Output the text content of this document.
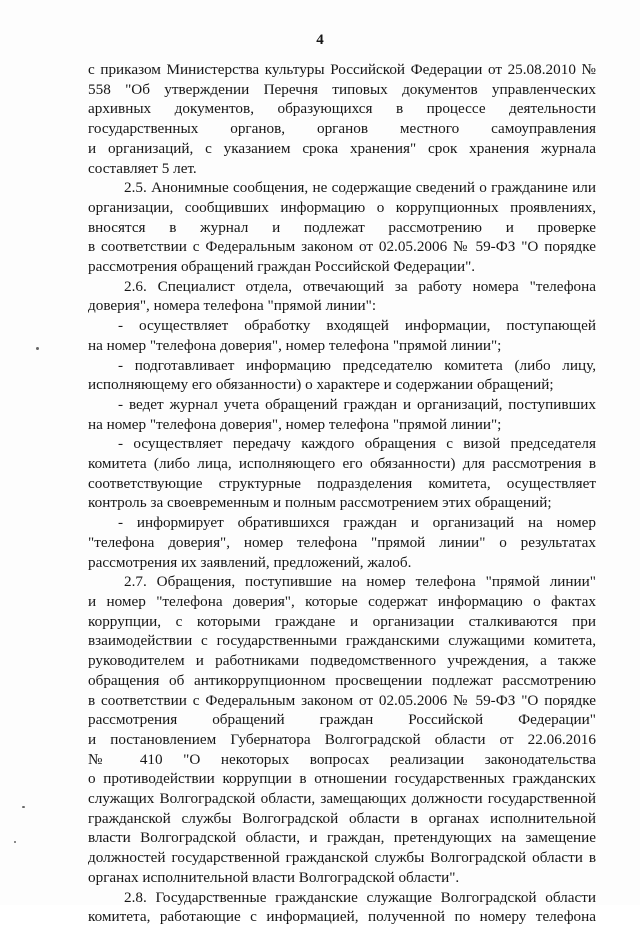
4
с приказом Министерства культуры Российской Федерации от 25.08.2010 №
558 "Об утверждении Перечня типовых документов управленческих
архивных документов, образующихся в процессе деятельности
государственных органов, органов местного самоуправления
и организаций, с указанием срока хранения" срок хранения журнала
составляет 5 лет.
2.5. Анонимные сообщения, не содержащие сведений о гражданине или
организации, сообщивших информацию о коррупционных проявлениях,
вносятся в журнал и подлежат рассмотрению и проверке
в соответствии с Федеральным законом от 02.05.2006 № 59-ФЗ "О порядке
рассмотрения обращений граждан Российской Федерации".
2.6. Специалист отдела, отвечающий за работу номера "телефона
доверия", номера телефона "прямой линии":
- осуществляет обработку входящей информации, поступающей
на номер "телефона доверия", номер телефона "прямой линии";
- подготавливает информацию председателю комитета (либо лицу,
исполняющему его обязанности) о характере и содержании обращений;
- ведет журнал учета обращений граждан и организаций, поступивших
на номер "телефона доверия", номер телефона "прямой линии";
- осуществляет передачу каждого обращения с визой председателя
комитета (либо лица, исполняющего его обязанности) для рассмотрения в
соответствующие структурные подразделения комитета, осуществляет
контроль за своевременным и полным рассмотрением этих обращений;
- информирует обратившихся граждан и организаций на номер
"телефона доверия", номер телефона "прямой линии" о результатах
рассмотрения их заявлений, предложений, жалоб.
2.7. Обращения, поступившие на номер телефона "прямой линии"
и номер "телефона доверия", которые содержат информацию о фактах
коррупции, с которыми граждане и организации сталкиваются при
взаимодействии с государственными гражданскими служащими комитета,
руководителем и работниками подведомственного учреждения, а также
обращения об антикоррупционном просвещении подлежат рассмотрению
в соответствии с Федеральным законом от 02.05.2006 № 59-ФЗ "О порядке
рассмотрения обращений граждан Российской Федерации"
и постановлением Губернатора Волгоградской области от 22.06.2016
№ 410 "О некоторых вопросах реализации законодательства
о противодействии коррупции в отношении государственных гражданских
служащих Волгоградской области, замещающих должности государственной
гражданской службы Волгоградской области в органах исполнительной
власти Волгоградской области, и граждан, претендующих на замещение
должностей государственной гражданской службы Волгоградской области в
органах исполнительной власти Волгоградской области".
2.8. Государственные гражданские служащие Волгоградской области
комитета, работающие с информацией, полученной по номеру телефона
